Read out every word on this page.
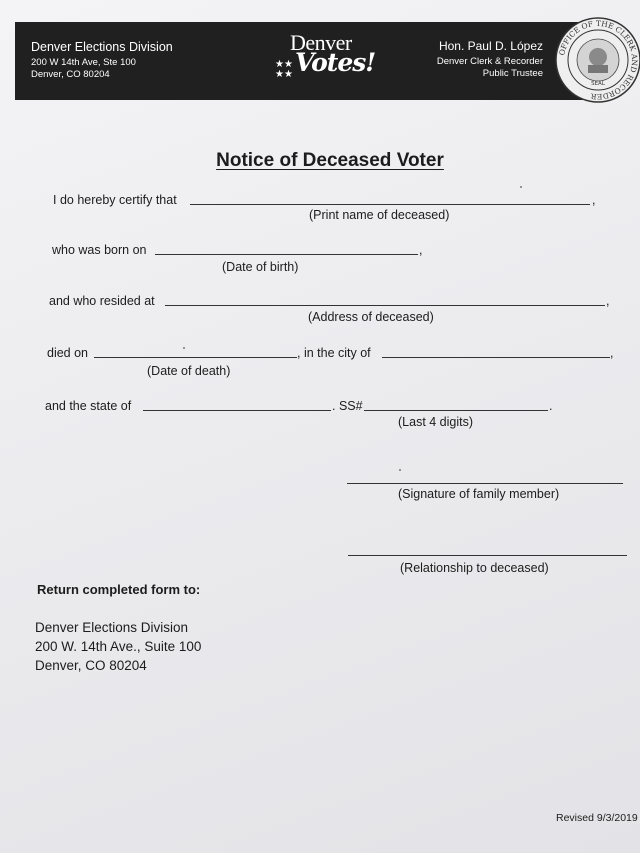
Denver Elections Division
200 W 14th Ave, Ste 100
Denver, CO 80204
Denver
★★
★★ Votes!
Hon. Paul D. López
Denver Clerk & Recorder
Public Trustee
OFFICE OF THE CLERK AND RECORDER
SEAL
Notice of Deceased Voter
I do hereby certify that	,
(Print name of deceased)
who was born on	,
(Date of birth)
and who resided at	,
(Address of deceased)
died on	, in the city of	,
(Date of death)
and the state of	. SS#	.
(Last 4 digits)
(Signature of family member)
(Relationship to deceased)
Return completed form to:
Denver Elections Division
200 W. 14th Ave., Suite 100
Denver, CO 80204
Revised 9/3/2019
